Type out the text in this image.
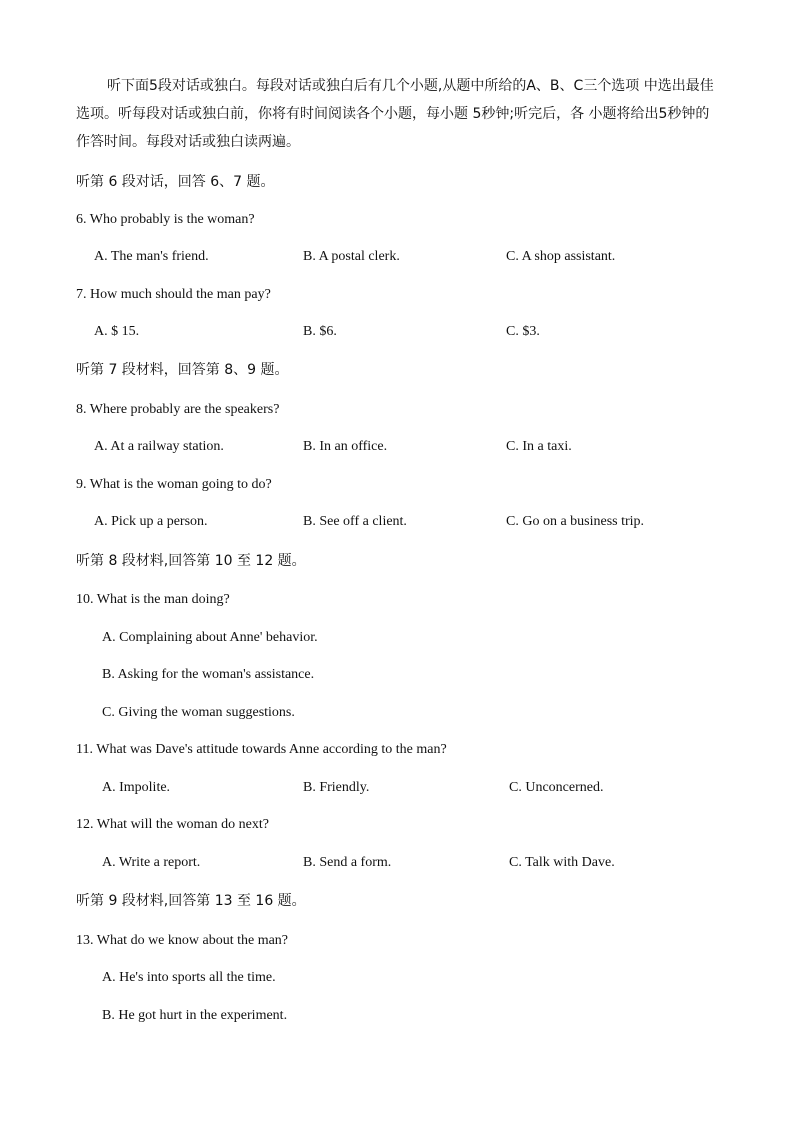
听下面5段对话或独白。每段对话或独白后有几个小题,从题中所给的A、B、C三个选项 中选出最佳选项。听每段对话或独白前，你将有时间阅读各个小题，每小题 5秒钟;听完后，各 小题将给出5秒钟的作答时间。每段对话或独白读两遍。
听第 6 段对话，回答 6、7 题。
6. Who probably is the woman?
A. The man's friend.	B. A postal clerk.	C. A shop assistant.
7. How much should the man pay?
A. $ 15.	B. $6.	C. $3.
听第 7 段材料，回答第 8、9 题。
8. Where probably are the speakers?
A. At a railway station.	B. In an office.	C. In a taxi.
9. What is the woman going to do?
A. Pick up a person.	B. See off a client.	C. Go on a business trip.
听第 8 段材料,回答第 10 至 12 题。
10. What is the man doing?
A. Complaining about Anne' behavior.
B. Asking for the woman's assistance.
C. Giving the woman suggestions.
11. What was Dave's attitude towards Anne according to the man?
A. Impolite.	B. Friendly.	C. Unconcerned.
12. What will the woman do next?
A. Write a report.	B. Send a form.	C. Talk with Dave.
听第 9 段材料,回答第 13 至 16 题。
13. What do we know about the man?
A. He's into sports all the time.
B. He got hurt in the experiment.
